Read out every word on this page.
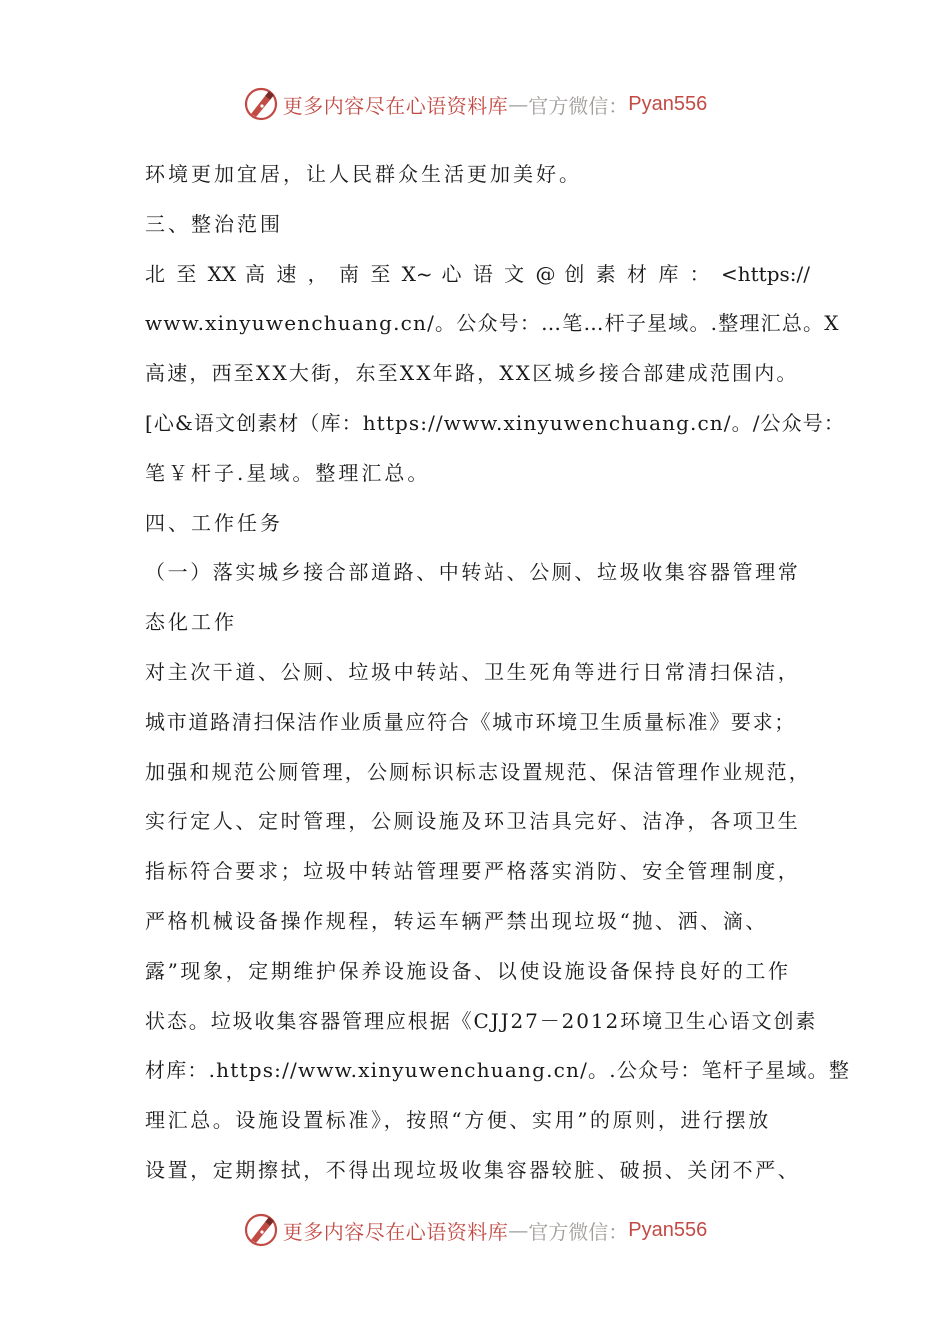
更多内容尽在心语资料库 — 官方微信： Pyan556
环境更加宜居，让人民群众生活更加美好。
三、整治范围
北 至 XX 高 速 ， 南 至 X~ 心 语 文 @ 创 素 材 库 ： <https://
www.xinyuwenchuang.cn/。公众号：…笔…杆子星域。.整理汇总。X
高速，西至XX大街，东至XX年路，XX区城乡接合部建成范围内。
[心&语文创素材（库：https://www.xinyuwenchuang.cn/。/公众号：
笔￥杆子.星域。整理汇总。
四、工作任务
（一）落实城乡接合部道路、中转站、公厕、垃圾收集容器管理常
态化工作
对主次干道、公厕、垃圾中转站、卫生死角等进行日常清扫保洁，
城市道路清扫保洁作业质量应符合《城市环境卫生质量标准》要求；
加强和规范公厕管理，公厕标识标志设置规范、保洁管理作业规范，
实行定人、定时管理，公厕设施及环卫洁具完好、洁净，各项卫生
指标符合要求；垃圾中转站管理要严格落实消防、安全管理制度，
严格机械设备操作规程，转运车辆严禁出现垃圾“抛、洒、滴、
露”现象，定期维护保养设施设备、以使设施设备保持良好的工作
状态。垃圾收集容器管理应根据《CJJ27－2012环境卫生心语文创素
材库：.https://www.xinyuwenchuang.cn/。.公众号：笔杆子星域。整
理汇总。设施设置标准》，按照“方便、实用”的原则，进行摆放
设置，定期擦拭，不得出现垃圾收集容器较脏、破损、关闭不严、
更多内容尽在心语资料库 — 官方微信： Pyan556
